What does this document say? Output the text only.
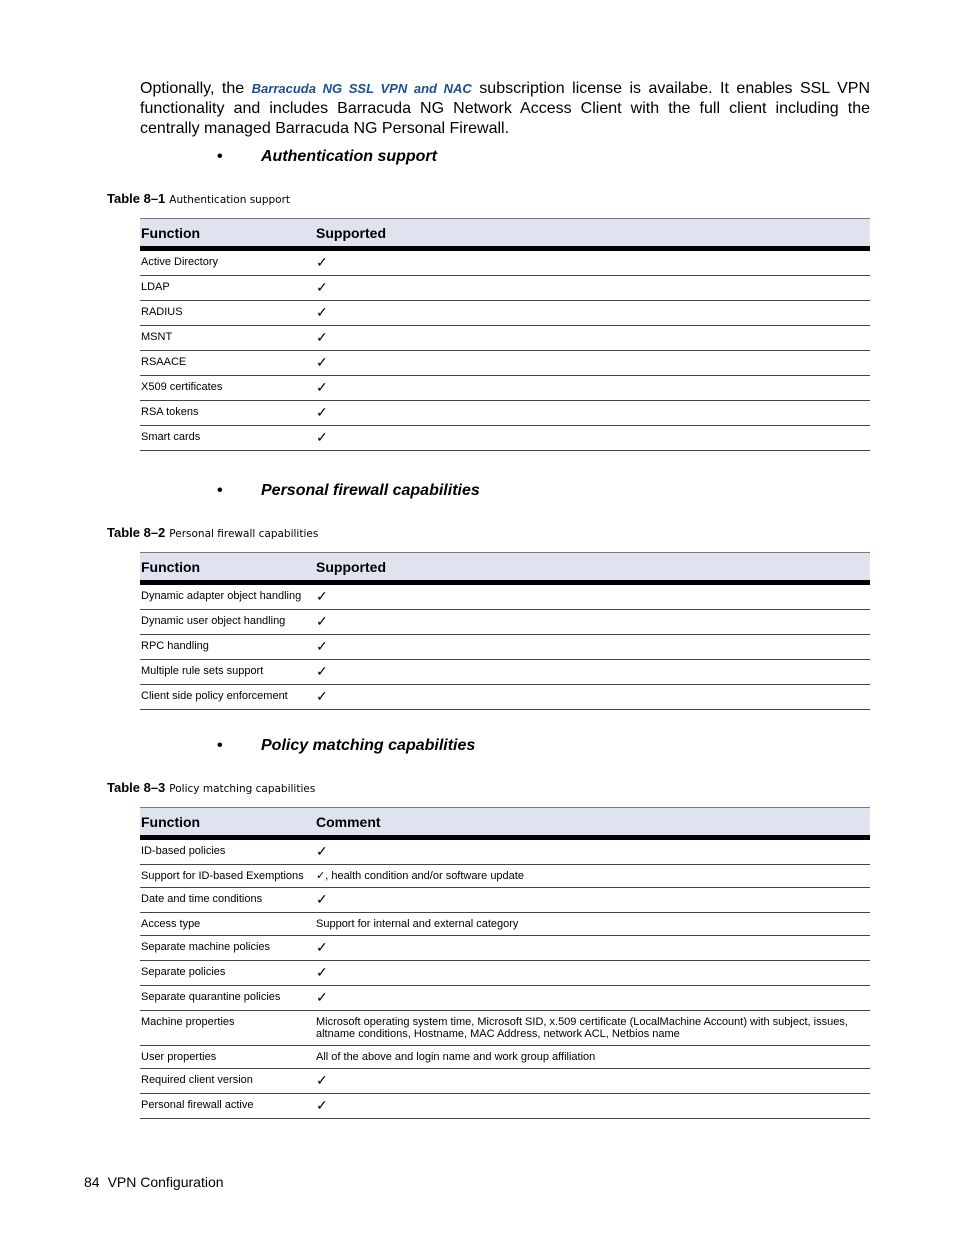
Optionally, the Barracuda NG SSL VPN and NAC subscription license is availabe. It enables SSL VPN functionality and includes Barracuda NG Network Access Client with the full client including the centrally managed Barracuda NG Personal Firewall.
• Authentication support
Table 8–1 Authentication support
Function	Supported
Active Directory	✓
LDAP	✓
RADIUS	✓
MSNT	✓
RSAACE	✓
X509 certificates	✓
RSA tokens	✓
Smart cards	✓
• Personal firewall capabilities
Table 8–2 Personal firewall capabilities
Function	Supported
Dynamic adapter object handling	✓
Dynamic user object handling	✓
RPC handling	✓
Multiple rule sets support	✓
Client side policy enforcement	✓
• Policy matching capabilities
Table 8–3 Policy matching capabilities
Function	Comment
ID-based policies	✓
Support for ID-based Exemptions	✓, health condition and/or software update
Date and time conditions	✓
Access type	Support for internal and external category
Separate machine policies	✓
Separate policies	✓
Separate quarantine policies	✓
Machine properties	Microsoft operating system time, Microsoft SID, x.509 certificate (LocalMachine Account) with subject, issues, altname conditions, Hostname, MAC Address, network ACL, Netbios name
User properties	All of the above and login name and work group affiliation
Required client version	✓
Personal firewall active	✓
84 VPN Configuration
